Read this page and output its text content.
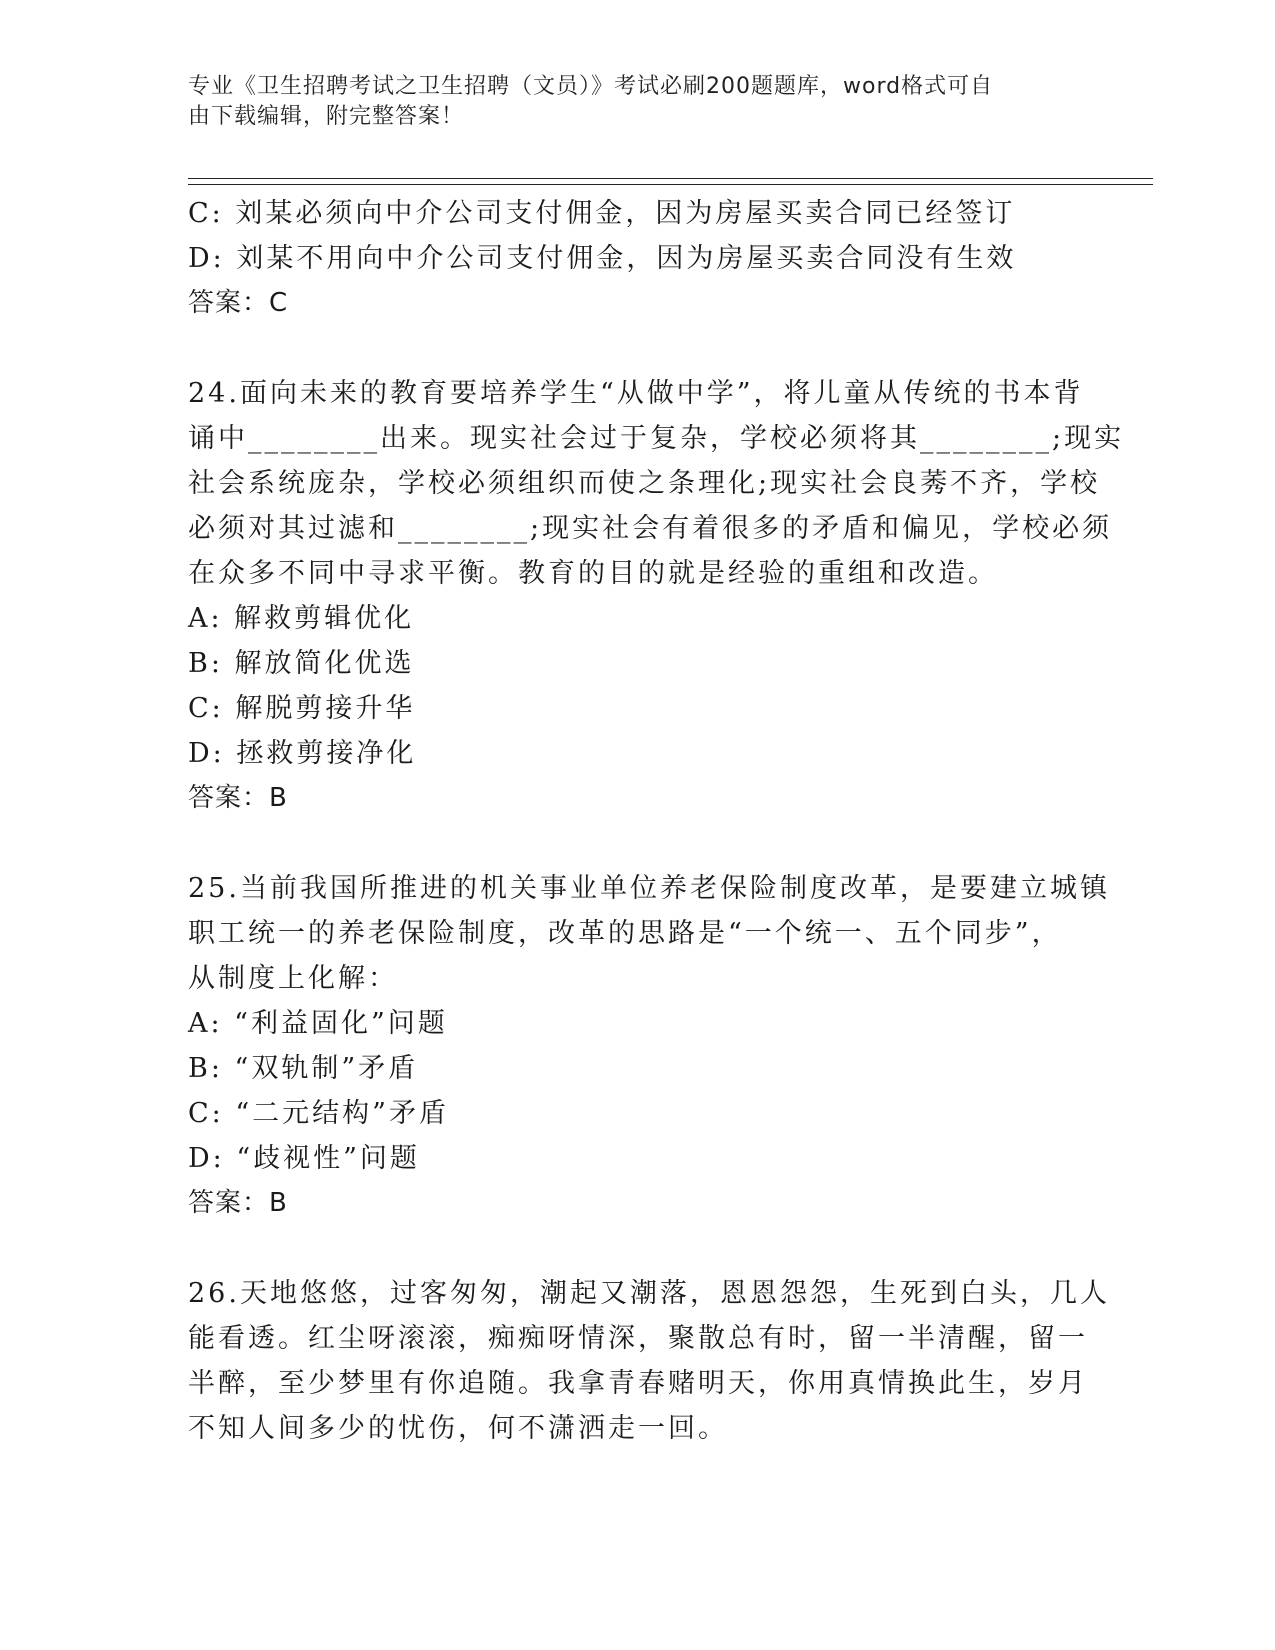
专业《卫生招聘考试之卫生招聘（文员）》考试必刷200题题库，word格式可自
由下载编辑，附完整答案！
C: 刘某必须向中介公司支付佣金，因为房屋买卖合同已经签订
D: 刘某不用向中介公司支付佣金，因为房屋买卖合同没有生效
答案：C

24.面向未来的教育要培养学生“从做中学”，将儿童从传统的书本背
诵中________出来。现实社会过于复杂，学校必须将其________;现实
社会系统庞杂，学校必须组织而使之条理化;现实社会良莠不齐，学校
必须对其过滤和________;现实社会有着很多的矛盾和偏见，学校必须
在众多不同中寻求平衡。教育的目的就是经验的重组和改造。

A: 解救剪辑优化
B: 解放简化优选
C: 解脱剪接升华
D: 拯救剪接净化
答案：B

25.当前我国所推进的机关事业单位养老保险制度改革，是要建立城镇
职工统一的养老保险制度，改革的思路是“一个统一、五个同步”，
从制度上化解：

A: “利益固化”问题
B: “双轨制”矛盾
C: “二元结构”矛盾
D: “歧视性”问题
答案：B

26.天地悠悠，过客匆匆，潮起又潮落，恩恩怨怨，生死到白头，几人
能看透。红尘呀滚滚，痴痴呀情深，聚散总有时，留一半清醒，留一
半醉，至少梦里有你追随。我拿青春赌明天，你用真情换此生，岁月
不知人间多少的忧伤，何不潇洒走一回。
